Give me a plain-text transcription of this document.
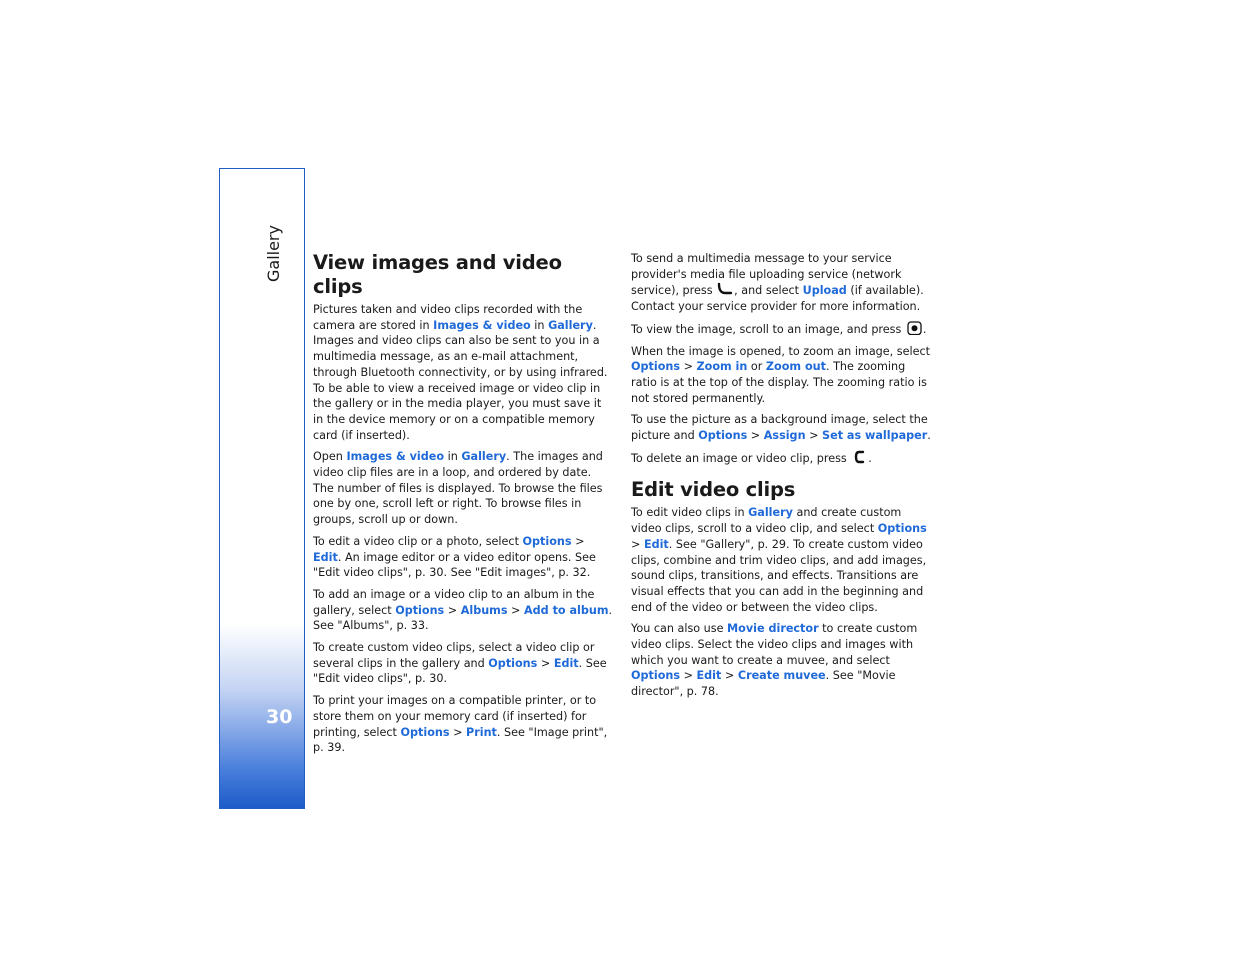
Gallery
30
View images and video clips

Pictures taken and video clips recorded with the camera are stored in Images & video in Gallery. Images and video clips can also be sent to you in a multimedia message, as an e-mail attachment, through Bluetooth connectivity, or by using infrared. To be able to view a received image or video clip in the gallery or in the media player, you must save it in the device memory or on a compatible memory card (if inserted).

Open Images & video in Gallery. The images and video clip files are in a loop, and ordered by date. The number of files is displayed. To browse the files one by one, scroll left or right. To browse files in groups, scroll up or down.

To edit a video clip or a photo, select Options > Edit. An image editor or a video editor opens. See "Edit video clips", p. 30. See "Edit images", p. 32.

To add an image or a video clip to an album in the gallery, select Options > Albums > Add to album. See "Albums", p. 33.

To create custom video clips, select a video clip or several clips in the gallery and Options > Edit. See "Edit video clips", p. 30.

To print your images on a compatible printer, or to store them on your memory card (if inserted) for printing, select Options > Print. See "Image print", p. 39.

To send a multimedia message to your service provider's media file uploading service (network service), press , and select Upload (if available). Contact your service provider for more information.

To view the image, scroll to an image, and press .

When the image is opened, to zoom an image, select Options > Zoom in or Zoom out. The zooming ratio is at the top of the display. The zooming ratio is not stored permanently.

To use the picture as a background image, select the picture and Options > Assign > Set as wallpaper.

To delete an image or video clip, press .

Edit video clips

To edit video clips in Gallery and create custom video clips, scroll to a video clip, and select Options > Edit. See "Gallery", p. 29. To create custom video clips, combine and trim video clips, and add images, sound clips, transitions, and effects. Transitions are visual effects that you can add in the beginning and end of the video or between the video clips.

You can also use Movie director to create custom video clips. Select the video clips and images with which you want to create a muvee, and select Options > Edit > Create muvee. See "Movie director", p. 78.
